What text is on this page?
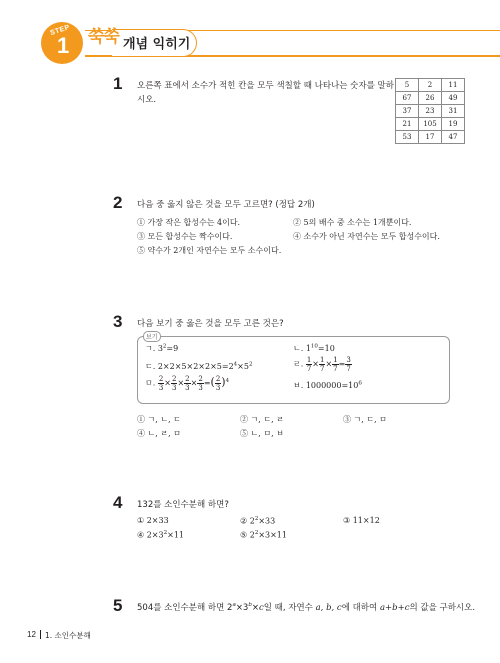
STEP
1 쑥쑥 개념 익히기
1 오른쪽 표에서 소수가 적힌 칸을 모두 색칠할 때 나타나는 숫자를 말하
시오.
5	2	11
67	26	49
37	23	31
21	105	19
53	17	47
2 다음 중 옳지 않은 것을 모두 고르면? (정답 2개)
① 가장 작은 합성수는 4이다.	② 5의 배수 중 소수는 1개뿐이다.
③ 모든 합성수는 짝수이다.	④ 소수가 아닌 자연수는 모두 합성수이다.
⑤ 약수가 2개인 자연수는 모두 소수이다.
3 다음 보기 중 옳은 것을 모두 고른 것은?
보기
ㄱ. $3^2=9$	ㄴ. $1^{10}=10$
ㄷ. $2\times 2\times 5\times 2\times 2\times 5=2^4\times 5^2$	ㄹ. $\frac{1}{7} \times \frac{1}{7} \times \frac{1}{7} = \frac{3}{7}$
ㅁ. $\frac{2}{3} \times \frac{2}{3} \times \frac{2}{3} \times \frac{2}{3}$ =( $\frac{2}{3} )^4$
ㅂ. $1000000=10^6$
① ㄱ, ㄴ, ㄷ	② ㄱ, ㄷ, ㄹ	③ ㄱ, ㄷ, ㅁ
④ ㄴ, ㄹ, ㅁ	⑤ ㄴ, ㅁ, ㅂ
4 132를 소인수분해 하면?
① 2×33	② $2^2\times 33$	③ 11×12
④ $2\times 3^2\times 11$	⑤ $2^2\times 3\times 11$
5 504를 소인수분해 하면 $2^a\times 3^b\times c$일 때, 자연수 a, b, c에 대하여 a+b+c의 값을 구하시오.
12 1. 소인수분해
